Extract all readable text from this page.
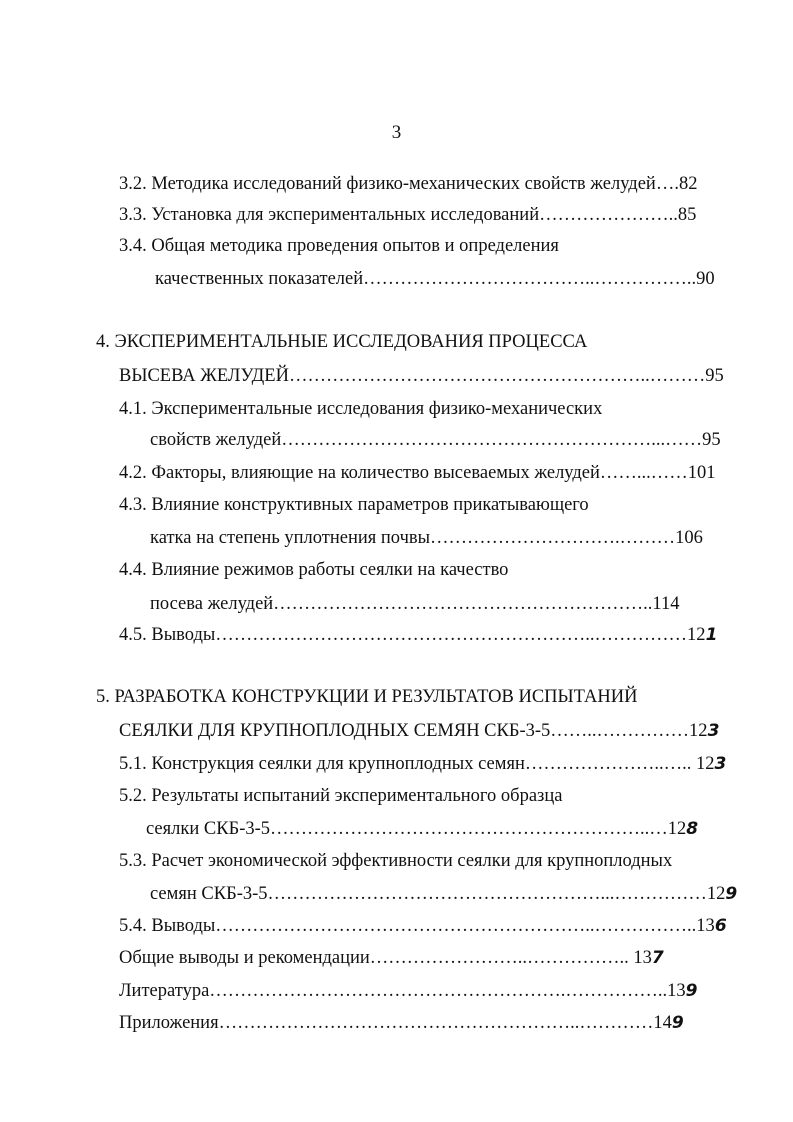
3
3.2. Методика исследований физико-механических свойств желудей….82
3.3. Установка для экспериментальных исследований…………………..85
3.4. Общая методика проведения опытов и определения
качественных показателей………………………………..……………..90
4. ЭКСПЕРИМЕНТАЛЬНЫЕ ИССЛЕДОВАНИЯ ПРОЦЕССА
ВЫСЕВА ЖЕЛУДЕЙ…………………………………………………..………95
4.1. Экспериментальные исследования физико-механических
свойств желудей……………………………………………………...……95
4.2. Факторы, влияющие на количество высеваемых желудей……...……101
4.3. Влияние конструктивных параметров прикатывающего
катка на степень уплотнения почвы………………………….………106
4.4. Влияние режимов работы сеялки на качество
посева желудей……………………………………………………..114
4.5. Выводы……………………………………………………..……………121
5. РАЗРАБОТКА КОНСТРУКЦИИ И РЕЗУЛЬТАТОВ ИСПЫТАНИЙ
СЕЯЛКИ ДЛЯ КРУПНОПЛОДНЫХ СЕМЯН СКБ-3-5……..……………123
5.1. Конструкция сеялки для крупноплодных семян…………………..….. 123
5.2. Результаты испытаний экспериментального образца
сеялки СКБ-3-5……………………………………………………..…128
5.3. Расчет экономической эффективности сеялки для крупноплодных
семян СКБ-3-5………………………………………………...……………129
5.4. Выводы……………………………………………………..……………..136
Общие выводы и рекомендации……………………..…………….. 137
Литература………………………………………………….……………..139
Приложения…………………………………………………..…………149
